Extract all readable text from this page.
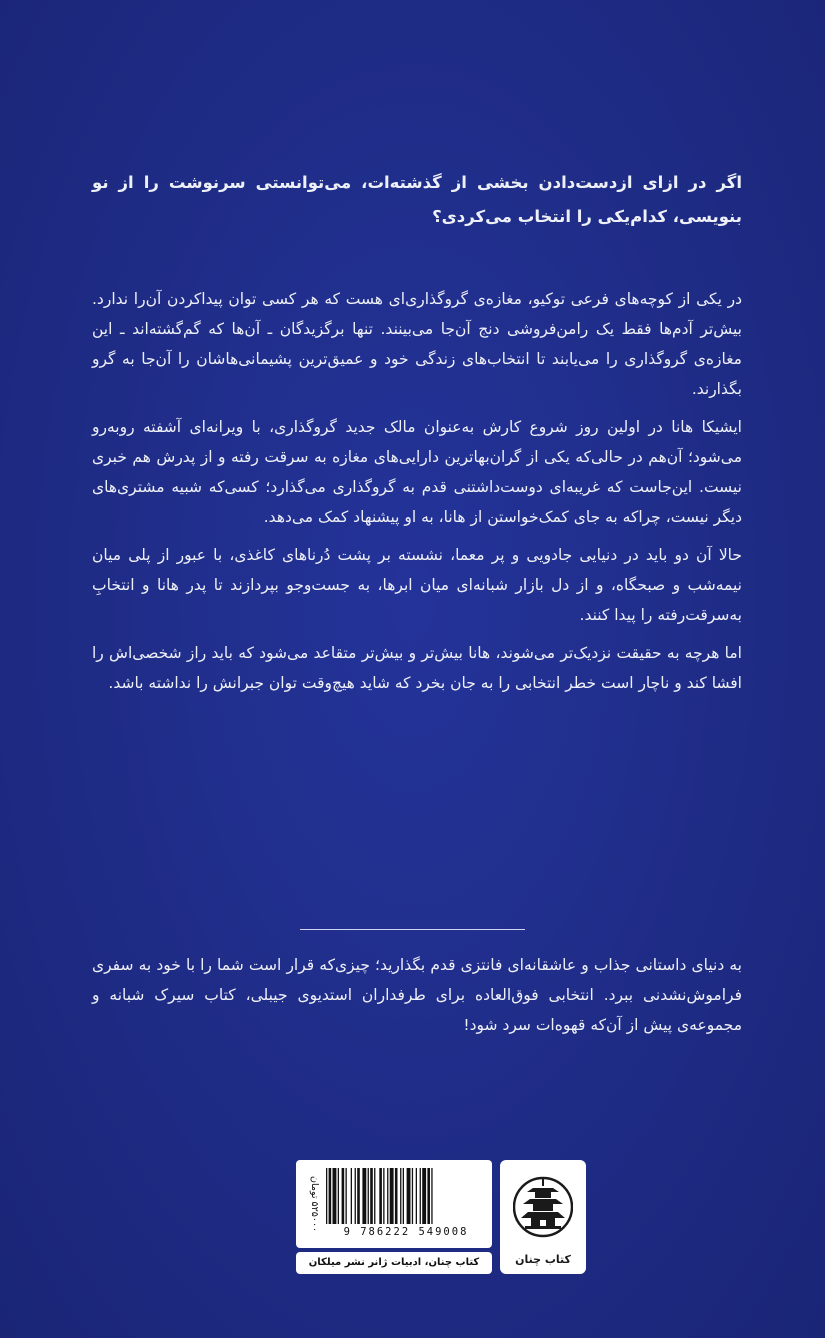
اگر در ازای ازدست‌دادن بخشی از گذشته‌ات، می‌توانستی سرنوشت را از نو بنویسی، کدام‌یکی را انتخاب می‌کردی؟

در یکی از کوچه‌های فرعی توکیو، مغازه‌ی گروگذاری‌ای هست که هر کسی توان پیداکردن آن‌را ندارد. بیش‌تر آدم‌ها فقط یک رامن‌فروشی دنج آن‌جا می‌بینند. تنها برگزیدگان ـ آن‌ها که گم‌گشته‌اند ـ این مغازه‌ی گروگذاری را می‌یابند تا انتخاب‌های زندگی خود و عمیق‌ترین پشیمانی‌هاشان را آن‌جا به گرو بگذارند.

ایشیکا هانا در اولین روز شروع کارش به‌عنوان مالک جدید گروگذاری، با ویرانه‌ای آشفته روبه‌رو می‌شود؛ آن‌هم در حالی‌که یکی از گران‌بهاترین دارایی‌های مغازه به سرقت رفته و از پدرش هم خبری نیست. این‌جاست که غریبه‌ای دوست‌داشتنی قدم به گروگذاری می‌گذارد؛ کسی‌که شبیه مشتری‌های دیگر نیست، چراکه به جای کمک‌خواستن از هانا، به او پیشنهاد کمک می‌دهد.

حالا آن دو باید در دنیایی جادویی و پر معما، نشسته بر پشت دُرناهای کاغذی، با عبور از پلی میان نیمه‌شب و صبحگاه، و از دل بازار شبانه‌ای میان ابرها، به جست‌وجو بپردازند تا پدر هانا و انتخابِ به‌سرقت‌رفته را پیدا کنند.

اما هرچه به حقیقت نزدیک‌تر می‌شوند، هانا بیش‌تر و بیش‌تر متقاعد می‌شود که باید راز شخصی‌اش را افشا کند و ناچار است خطر انتخابی را به جان بخرد که شاید هیچ‌وقت توان جبرانش را نداشته باشد.

به دنیای داستانی جذاب و عاشقانه‌ای فانتزی قدم بگذارید؛ چیزی‌که قرار است شما را با خود به سفری فراموش‌نشدنی ببرد. انتخابی فوق‌العاده برای طرفداران استدیوی جیبلی، کتاب سیرک شبانه و مجموعه‌ی پیش از آن‌که قهوه‌ات سرد شود!
کتاب چنان
۵۲۵۰۰۰ تومان	9 786222 549008
کتاب چنان، ادبیات ژانر نشر میلکان
